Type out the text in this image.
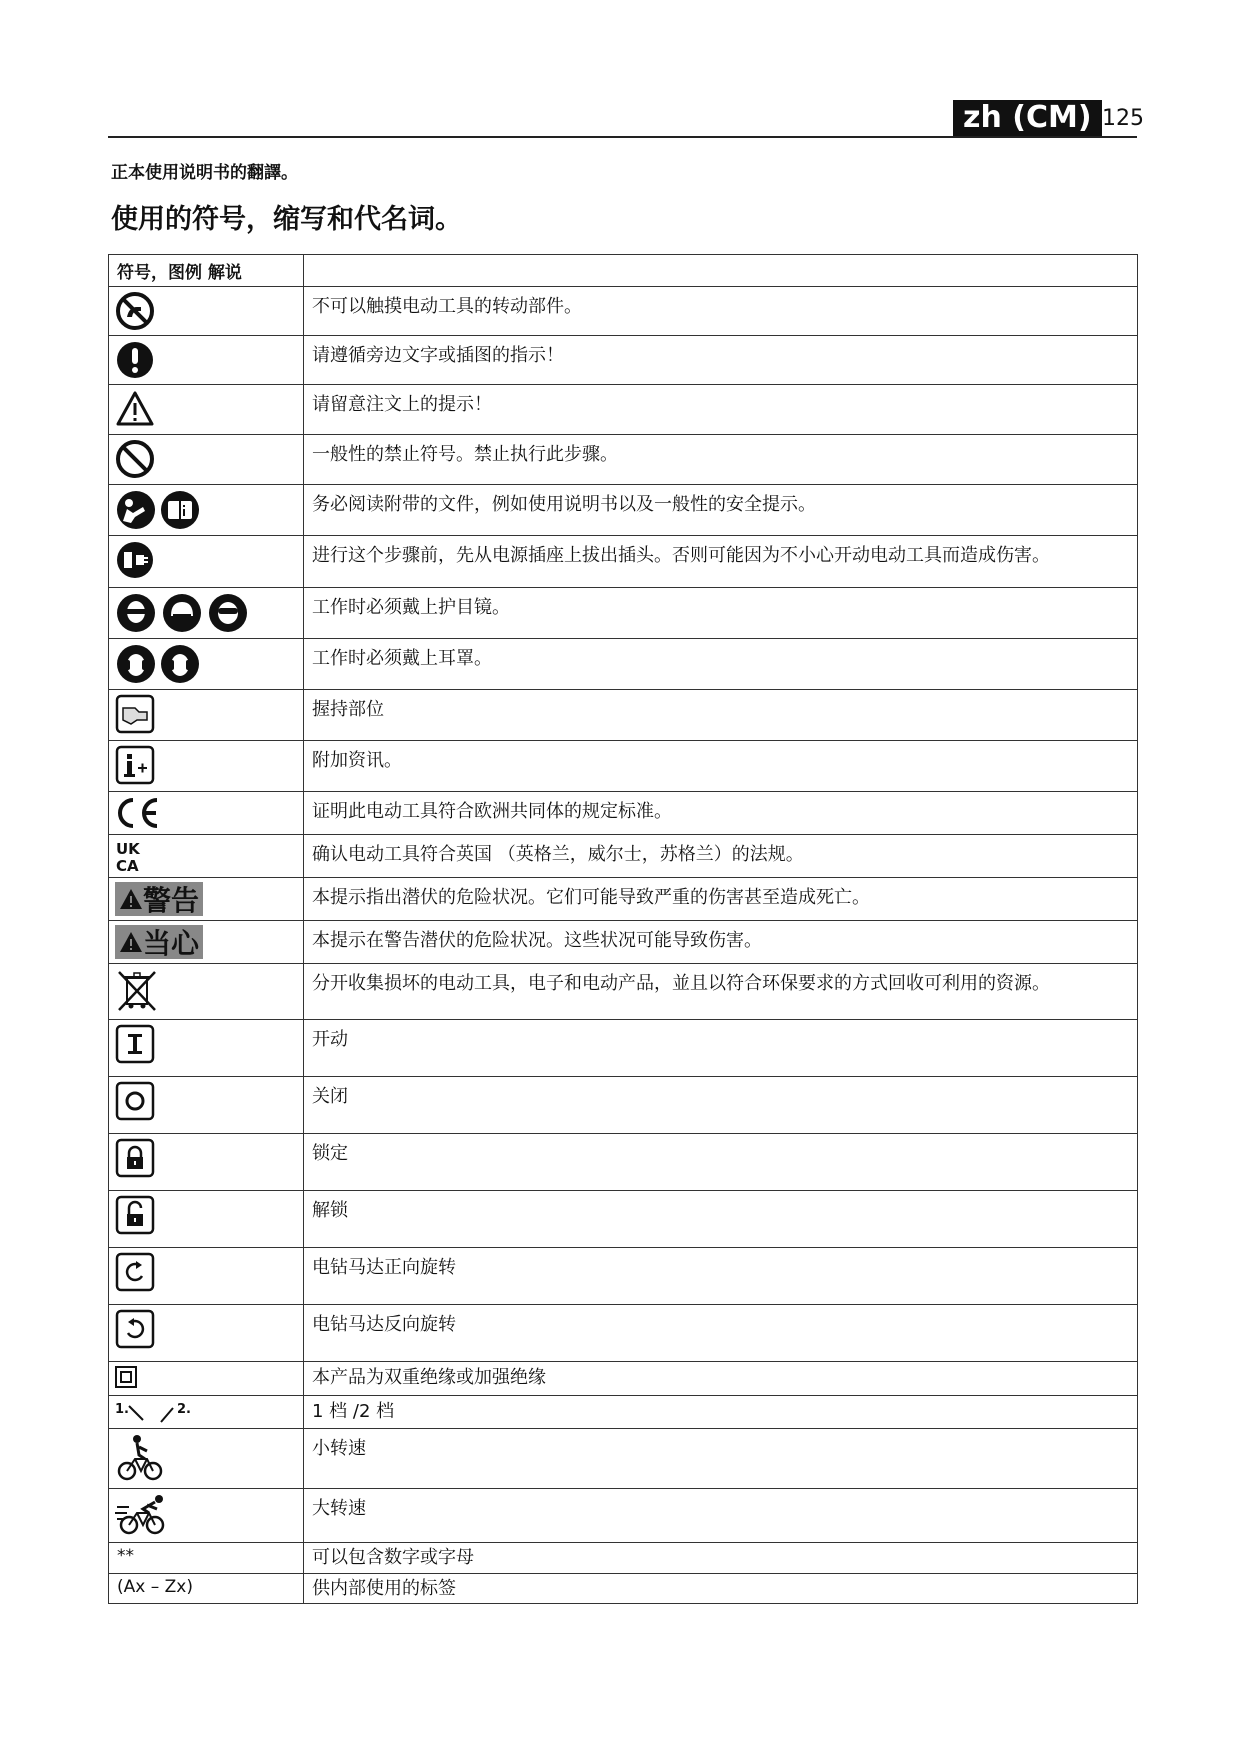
zh (CM) 125
正本使用说明书的翻譯。
使用的符号，缩写和代名词。
符号，图例 解说	

	不可以触摸电动工具的转动部件。

	请遵循旁边文字或插图的指示！

	请留意注文上的提示！

	一般性的禁止符号。禁止执行此步骤。

	务必阅读附带的文件，例如使用说明书以及一般性的安全提示。

	进行这个步骤前，先从电源插座上拔出插头。否则可能因为不小心开动电动工具而造成伤害。

	工作时必须戴上护目镜。

	工作时必须戴上耳罩。

	握持部位

	附加资讯。

	证明此电动工具符合欧洲共同体的规定标准。

UK
CA	确认电动工具符合英国 （英格兰，威尔士，苏格兰）的法规。

警告	本提示指出潜伏的危险状况。它们可能导致严重的伤害甚至造成死亡。

当心	本提示在警告潜伏的危险状况。这些状况可能导致伤害。

	分开收集损坏的电动工具，电子和电动产品，並且以符合环保要求的方式回收可利用的资源。

	开动

	关闭

	锁定

	解锁

	电钻马达正向旋转

	电钻马达反向旋转

	本产品为双重绝缘或加强绝缘

1. 2.	1 档 /2 档

	小转速

	大转速

**	可以包含数字或字母

(Ax – Zx)	供内部使用的标签
